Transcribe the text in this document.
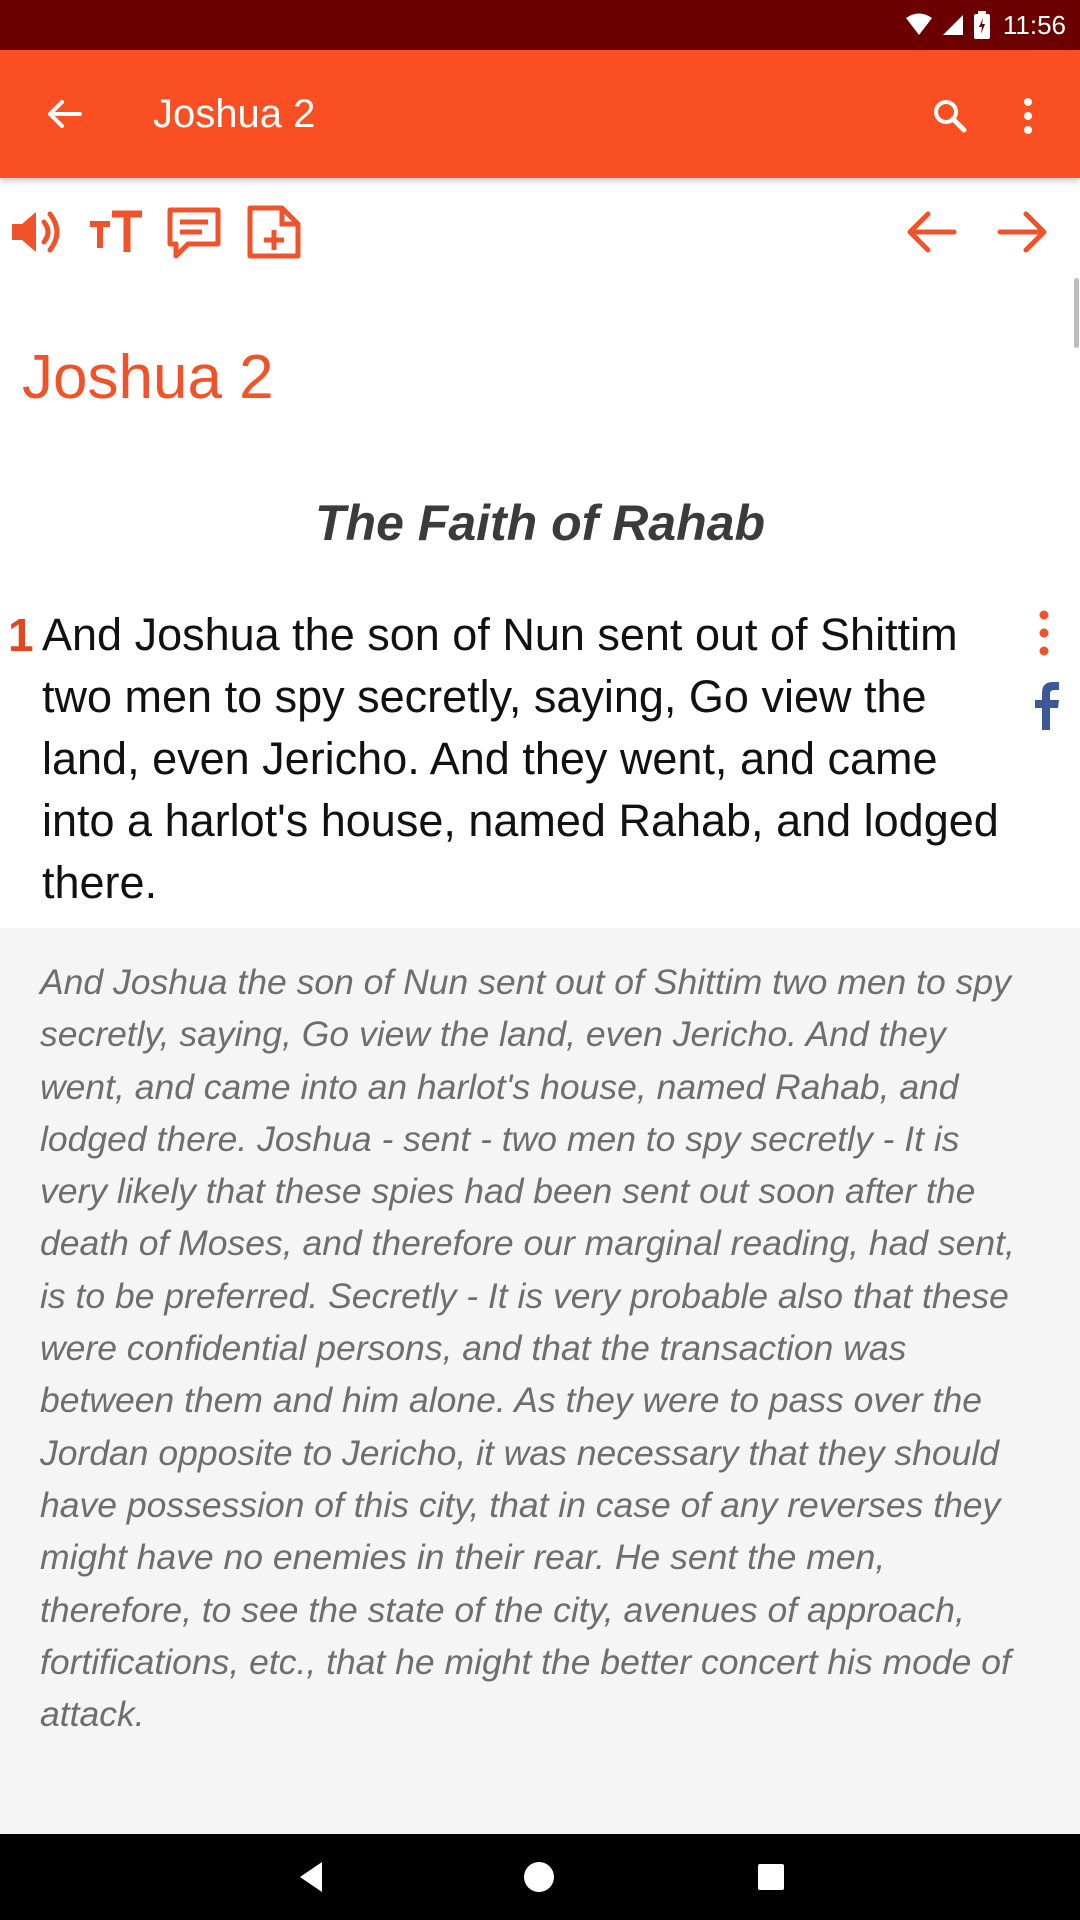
11:56
Joshua 2
Joshua 2
The Faith of Rahab
1 And Joshua the son of Nun sent out of Shittim two men to spy secretly, saying, Go view the land, even Jericho. And they went, and came into a harlot's house, named Rahab, and lodged there.
And Joshua the son of Nun sent out of Shittim two men to spy secretly, saying, Go view the land, even Jericho. And they went, and came into an harlot's house, named Rahab, and lodged there. Joshua - sent - two men to spy secretly - It is very likely that these spies had been sent out soon after the death of Moses, and therefore our marginal reading, had sent, is to be preferred. Secretly - It is very probable also that these were confidential persons, and that the transaction was between them and him alone. As they were to pass over the Jordan opposite to Jericho, it was necessary that they should have possession of this city, that in case of any reverses they might have no enemies in their rear. He sent the men, therefore, to see the state of the city, avenues of approach, fortifications, etc., that he might the better concert his mode of attack.
